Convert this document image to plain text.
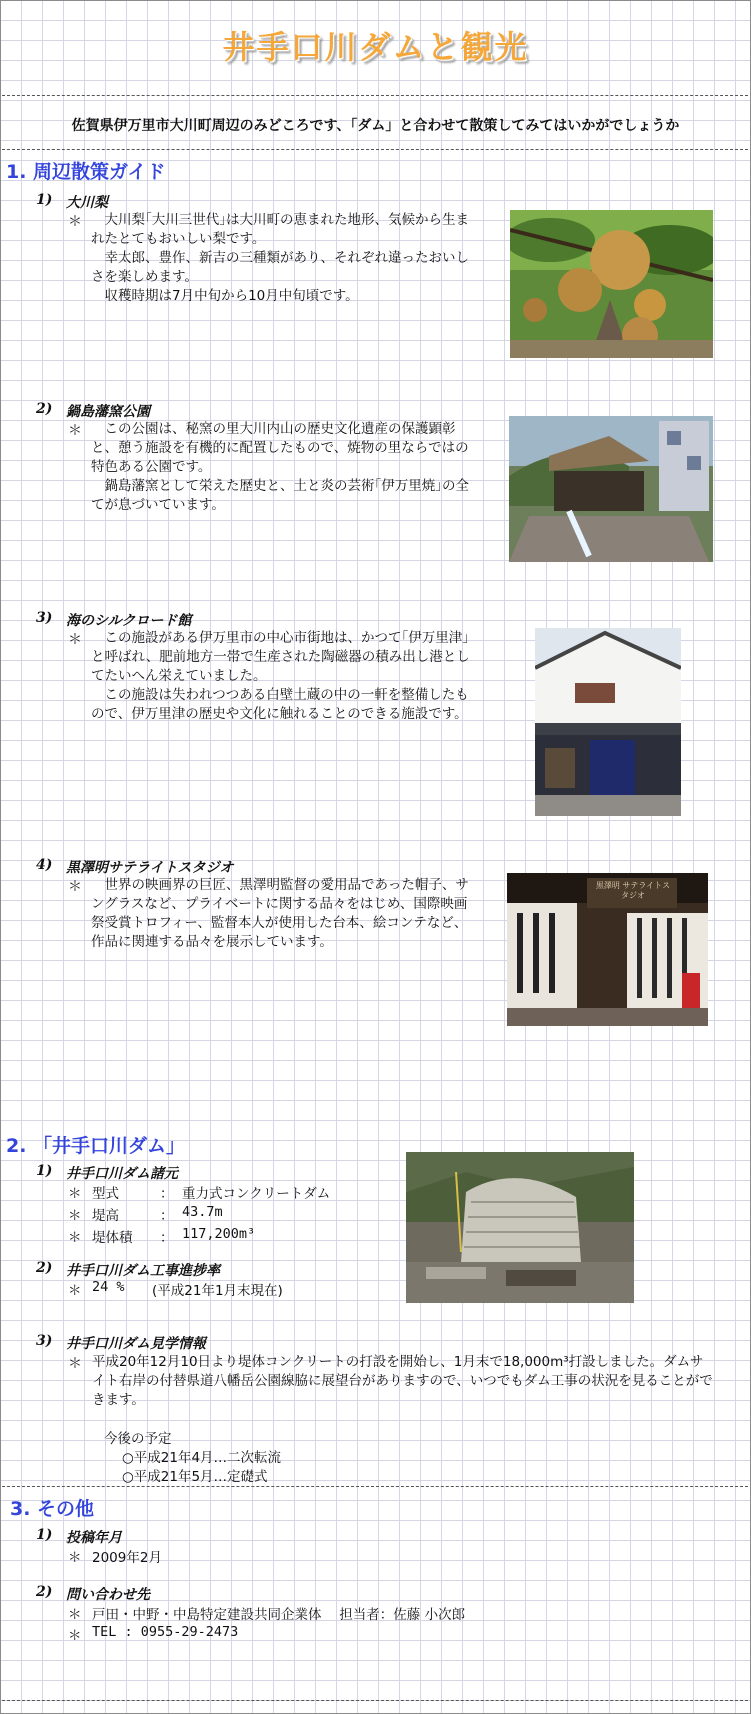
井手口川ダムと観光
佐賀県伊万里市大川町周辺のみどころです、「ダム」と合わせて散策してみてはいかがでしょうか
1. 周辺散策ガイド
1) 大川梨
＊ 　大川梨｢大川三世代｣は大川町の恵まれた地形、気候から生まれたとてもおいしい梨です。

　幸太郎、豊作、新吉の三種類があり、それぞれ違ったおいしさを楽しめます。

　収穫時期は7月中旬から10月中旬頃です。

2) 鍋島藩窯公園
＊ 　この公園は、秘窯の里大川内山の歴史文化遺産の保護顕彰と、憩う施設を有機的に配置したもので、焼物の里ならではの特色ある公園です。

　鍋島藩窯として栄えた歴史と、土と炎の芸術｢伊万里焼｣の全てが息づいています。

3) 海のシルクロード館
＊ 　この施設がある伊万里市の中心市街地は、かつて｢伊万里津｣と呼ばれ、肥前地方一帯で生産された陶磁器の積み出し港としてたいへん栄えていました。

　この施設は失われつつある白壁土蔵の中の一軒を整備したもので、伊万里津の歴史や文化に触れることのできる施設です。

4) 黒澤明サテライトスタジオ
＊ 　世界の映画界の巨匠、黒澤明監督の愛用品であった帽子、サングラスなど、プライベートに関する品々をはじめ、国際映画祭受賞トロフィー、監督本人が使用した台本、絵コンテなど、作品に関連する品々を展示しています。

黒澤明 サテライトスタジオ
2. 「井手口川ダム」
1) 井手口川ダム諸元
＊ 型式	： 重力式コンクリートダム
＊ 堤高	： 43.7m
＊ 堤体積 ： 117,200m³
2) 井手口川ダム工事進捗率
＊ 24 % (平成21年1月末現在)
3) 井手口川ダム見学情報
＊ 平成20年12月10日より堤体コンクリートの打設を開始し、1月末で18,000m³打設しました。ダムサイト右岸の付替県道八幡岳公園線脇に展望台がありますので、いつでもダム工事の状況を見ることができます。
今後の予定
○平成21年4月…二次転流
○平成21年5月…定礎式
3. その他
1) 投稿年月
＊ 2009年2月
2) 問い合わせ先
＊ 戸田・中野・中島特定建設共同企業体　 担当者：佐藤 小次郎
＊ TEL : 0955-29-2473
